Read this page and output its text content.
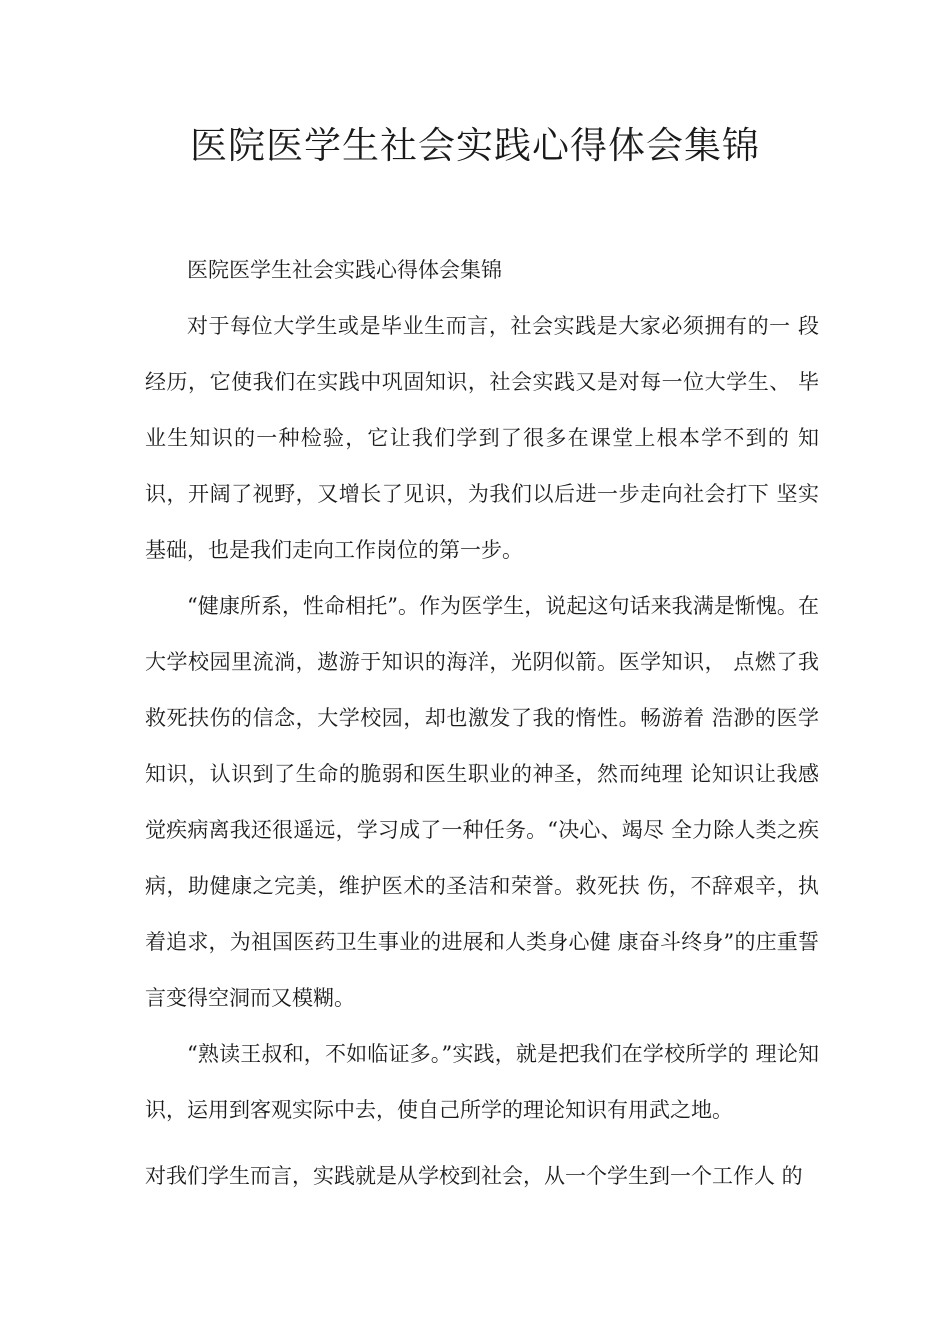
医院医学生社会实践心得体会集锦

医院医学生社会实践心得体会集锦

对于每位大学生或是毕业生而言，社会实践是大家必须拥有的一 段经历，它使我们在实践中巩固知识，社会实践又是对每一位大学生、 毕业生知识的一种检验，它让我们学到了很多在课堂上根本学不到的 知识，开阔了视野，又增长了见识，为我们以后进一步走向社会打下 坚实基础，也是我们走向工作岗位的第一步。

“健康所系，性命相托”。作为医学生，说起这句话来我满是惭愧。在大学校园里流淌，遨游于知识的海洋，光阴似箭。医学知识， 点燃了我救死扶伤的信念，大学校园，却也激发了我的惰性。畅游着 浩渺的医学知识，认识到了生命的脆弱和医生职业的神圣，然而纯理 论知识让我感觉疾病离我还很遥远，学习成了一种任务。“决心、竭尽 全力除人类之疾病，助健康之完美，维护医术的圣洁和荣誉。救死扶 伤，不辞艰辛，执着追求，为祖国医药卫生事业的进展和人类身心健 康奋斗终身”的庄重誓言变得空洞而又模糊。

“熟读王叔和，不如临证多。”实践，就是把我们在学校所学的 理论知识，运用到客观实际中去，使自己所学的理论知识有用武之地。

对我们学生而言，实践就是从学校到社会，从一个学生到一个工作人 的
